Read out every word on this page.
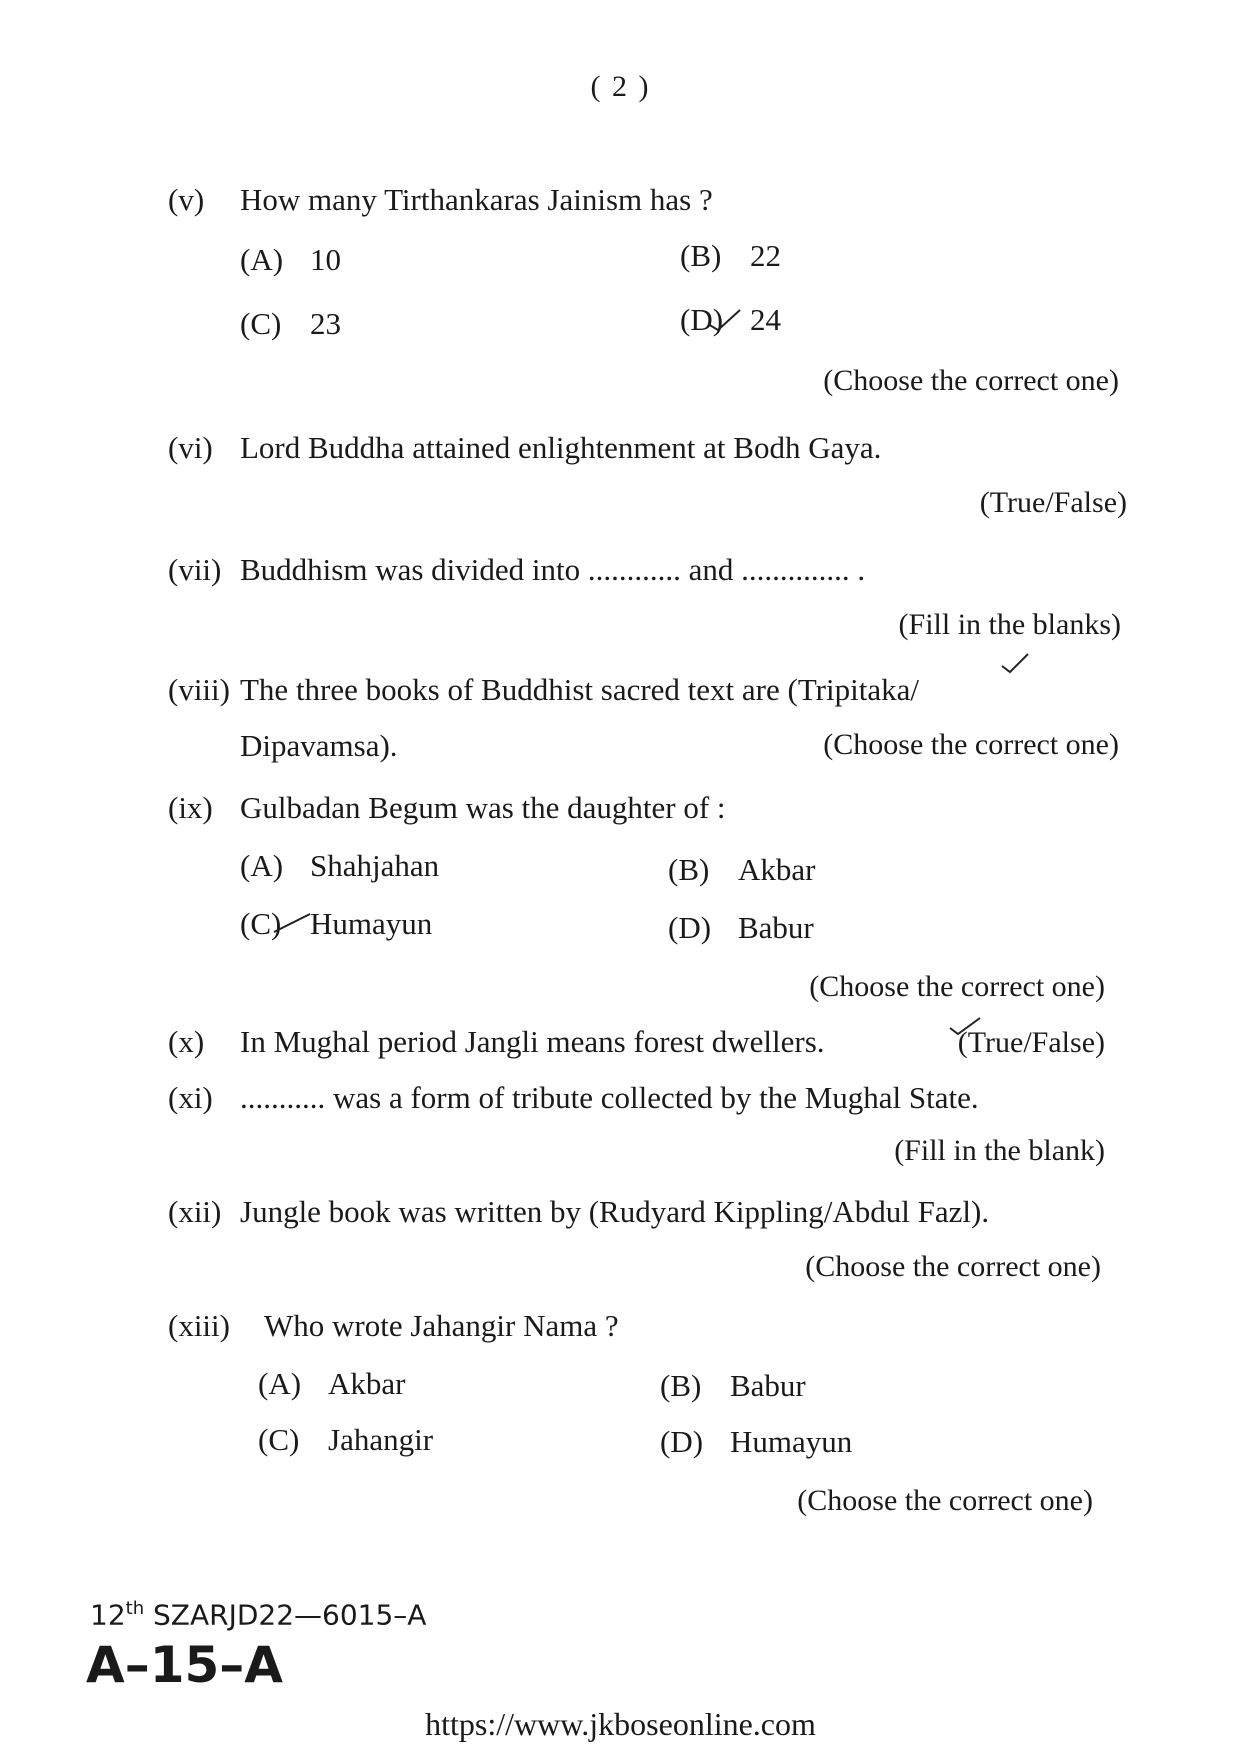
( 2 )
(v) How many Tirthankaras Jainism has ?
(A) 10	(B) 22
(C) 23	(D) 24
(Choose the correct one)
(vi) Lord Buddha attained enlightenment at Bodh Gaya.
(True/False)
(vii) Buddhism was divided into ............ and .............. .
(Fill in the blanks)
(viii) The three books of Buddhist sacred text are (Tripitaka/
Dipavamsa).	(Choose the correct one)
(ix) Gulbadan Begum was the daughter of :
(A) Shahjahan	(B) Akbar
(C) Humayun	(D) Babur
(Choose the correct one)
(x) In Mughal period Jangli means forest dwellers.	(True/False)
(xi) ........... was a form of tribute collected by the Mughal State.
(Fill in the blank)
(xii) Jungle book was written by (Rudyard Kippling/Abdul Fazl).
(Choose the correct one)
(xiii) Who wrote Jahangir Nama ?
(A) Akbar	(B) Babur
(C) Jahangir	(D) Humayun
(Choose the correct one)
12th SZARJD22—6015–A
A–15–A
https://www.jkboseonline.com
